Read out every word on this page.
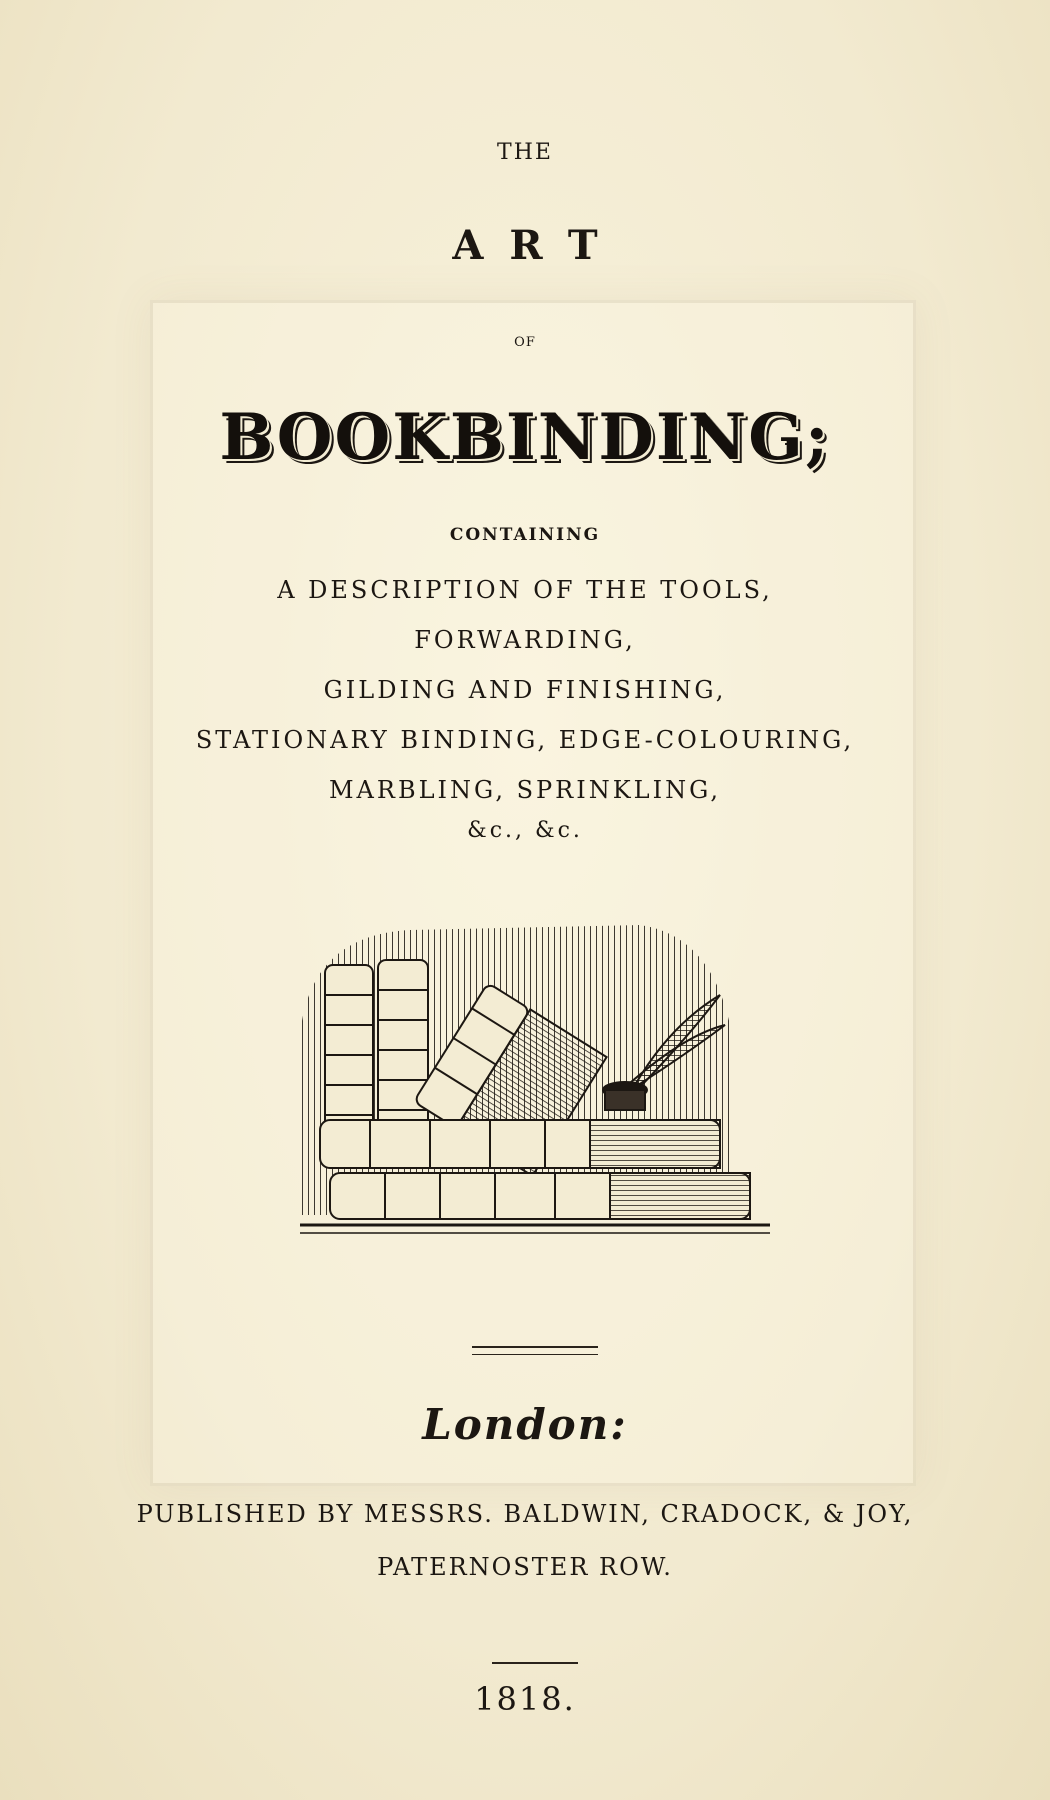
THE
ART
OF
BOOKBINDING;
CONTAINING
A DESCRIPTION OF THE TOOLS,
FORWARDING,
GILDING AND FINISHING,
STATIONARY BINDING, EDGE-COLOURING,
MARBLING, SPRINKLING,
&c., &c.
London:
PUBLISHED BY MESSRS. BALDWIN, CRADOCK, & JOY,
PATERNOSTER ROW.
1818.
